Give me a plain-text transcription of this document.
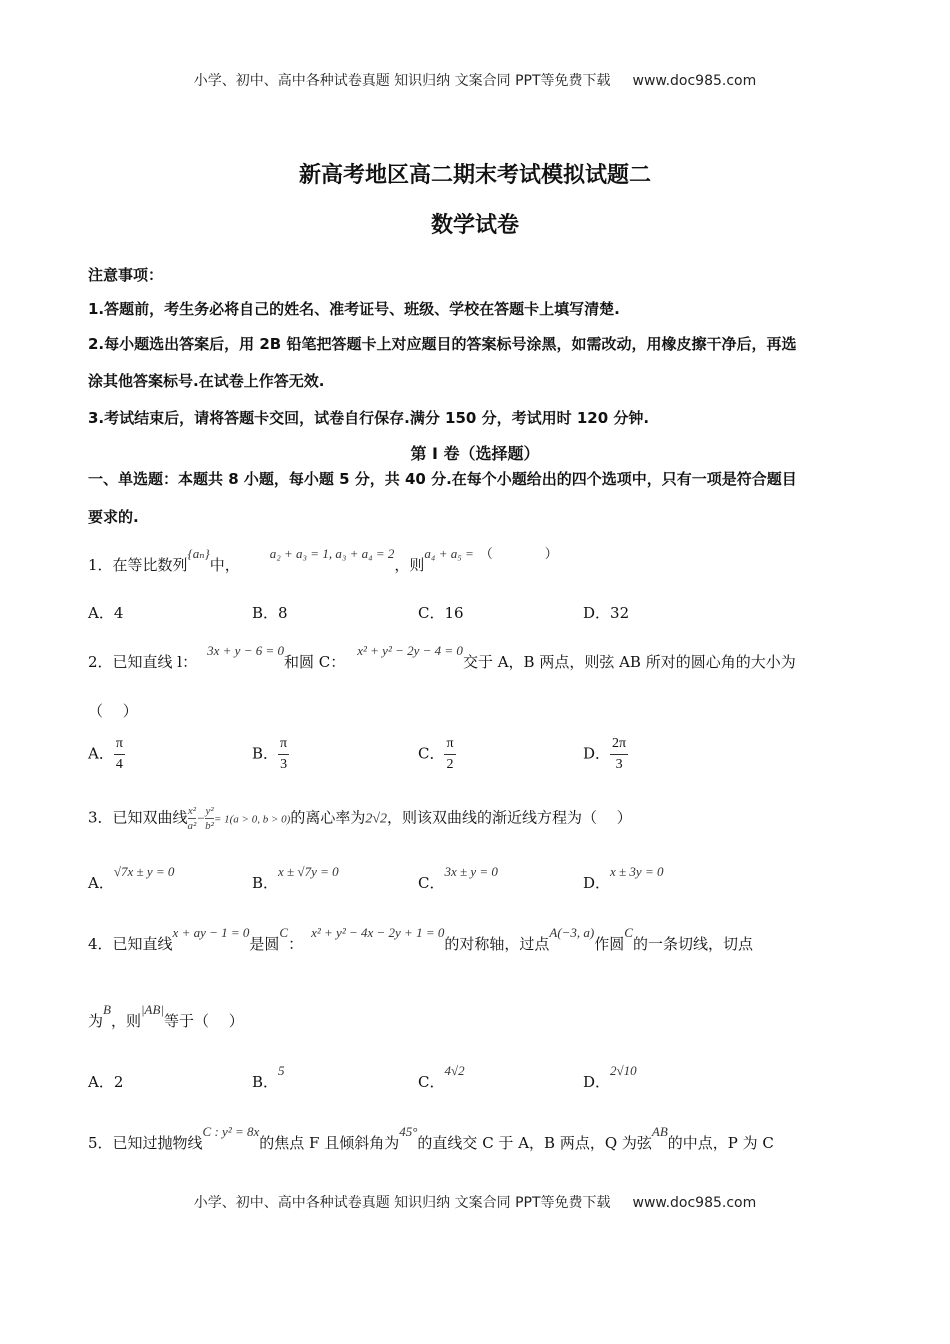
小学、初中、高中各种试卷真题 知识归纳 文案合同 PPT等免费下载 www.doc985.com
新高考地区高二期末考试模拟试题二
数学试卷
注意事项：
1.答题前，考生务必将自己的姓名、准考证号、班级、学校在答题卡上填写清楚.
2.每小题选出答案后，用 2B 铅笔把答题卡上对应题目的答案标号涂黑，如需改动，用橡皮擦干净后，再选
涂其他答案标号.在试卷上作答无效.
3.考试结束后，请将答题卡交回，试卷自行保存.满分 150 分，考试用时 120 分钟.
第 I 卷（选择题）
一、单选题：本题共 8 小题，每小题 5 分，共 40 分.在每个小题给出的四个选项中，只有一项是符合题目
要求的.
1．在等比数列{aₙ}中，a₂ + a₃ = 1, a₃ + a₄ = 2，则a₄ + a₅ = （　　　　）
A．4	B．8	C．16	D．32
2．已知直线 l：3x + y − 6 = 0和圆 C：x² + y² − 2y − 4 = 0交于 A，B 两点，则弦 AB 所对的圆心角的大小为
（　 ）
A． $\frac{\pi}{4}$	B． $\frac{\pi}{3}$	C． $\frac{\pi}{2}$	D． $\frac{2\pi}{3}$
3．已知双曲线 $\frac{\text{x²}}{\text{a²}} - \frac{\text{y²}}{\text{b²}} = 1(a > 0$, b > 0)的离心率为2√2，则该双曲线的渐近线方程为（　 ）
A．√7x ± y = 0
B．x ± √7y = 0
C．3x ± y = 0
D．x ± 3y = 0
4．已知直线x + ay − 1 = 0是圆C：x² + y² − 4x − 2y + 1 = 0的对称轴，过点A(−3, a)作圆C的一条切线，切点
为B，则|AB|等于（　 ）
A．2	B．5
C．4√2
D．2√10
5．已知过抛物线C : y² = 8x的焦点 F 且倾斜角为45°的直线交 C 于 A，B 两点，Q 为弦AB的中点，P 为 C
小学、初中、高中各种试卷真题 知识归纳 文案合同 PPT等免费下载 www.doc985.com
